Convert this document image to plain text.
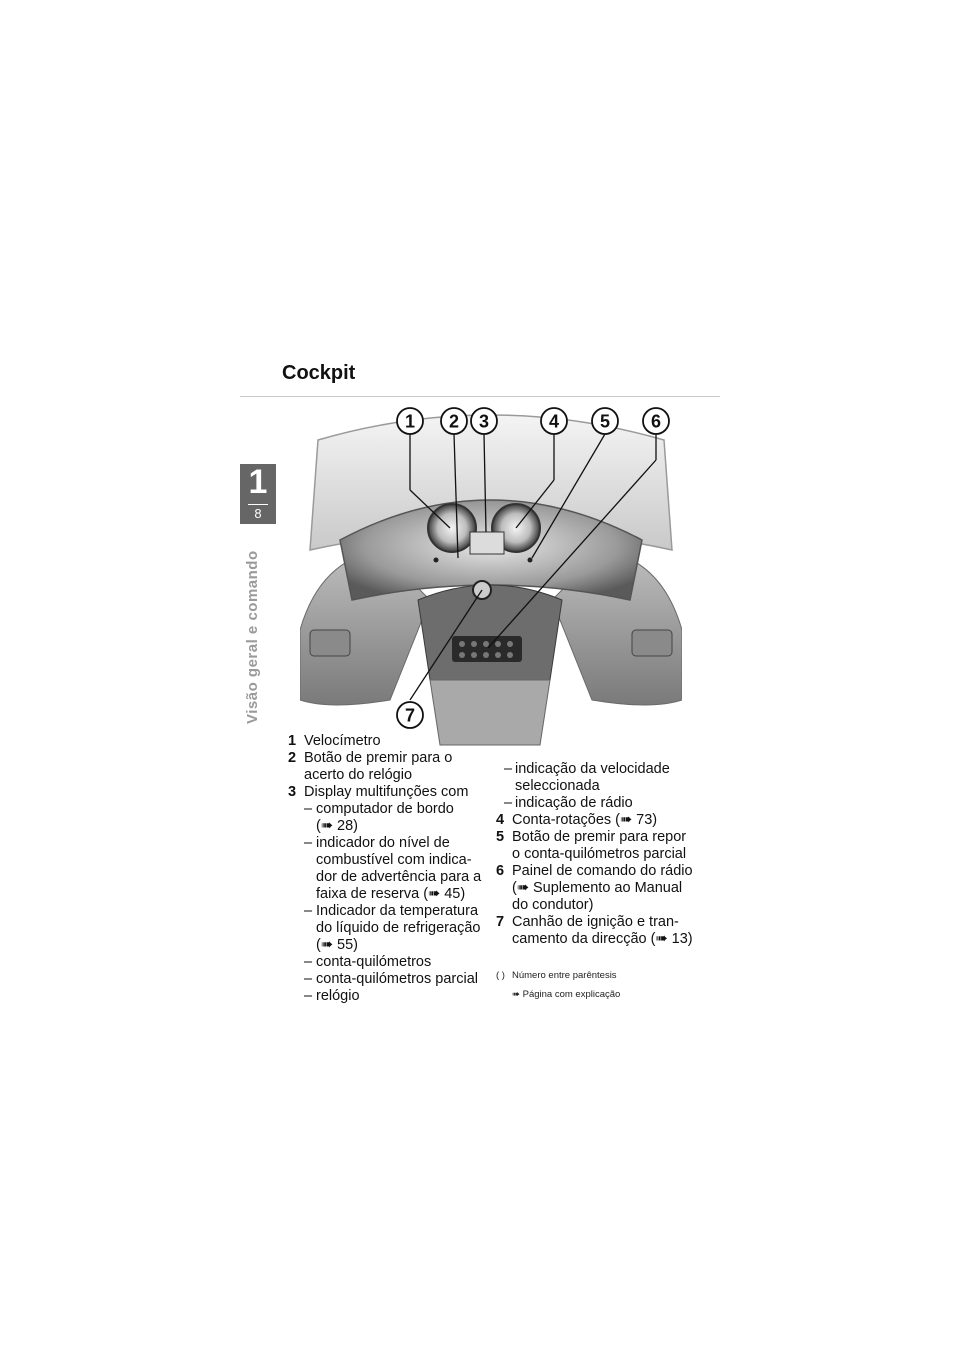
1
8
Visão geral e comando
Cockpit
1 2 3	4 5 6
7
1 Velocímetro
2 Botão de premir para o
acerto do relógio
3 Display multifunções com
– computador de bordo
(➠ 28)
– indicador do nível de
combustível com indica-
dor de advertência para a
faixa de reserva (➠ 45)
– Indicador da temperatura
do líquido de refrigeração
(➠ 55)
– conta-quilómetros
– conta-quilómetros parcial
– relógio
– indicação da velocidade
seleccionada
– indicação de rádio
4 Conta-rotações (➠ 73)
5 Botão de premir para repor
o conta-quilómetros parcial
6 Painel de comando do rádio
(➠ Suplemento ao Manual
do condutor)
7 Canhão de ignição e tran-
camento da direcção (➠ 13)
( ) Número entre parêntesis
➠ Página com explicação
